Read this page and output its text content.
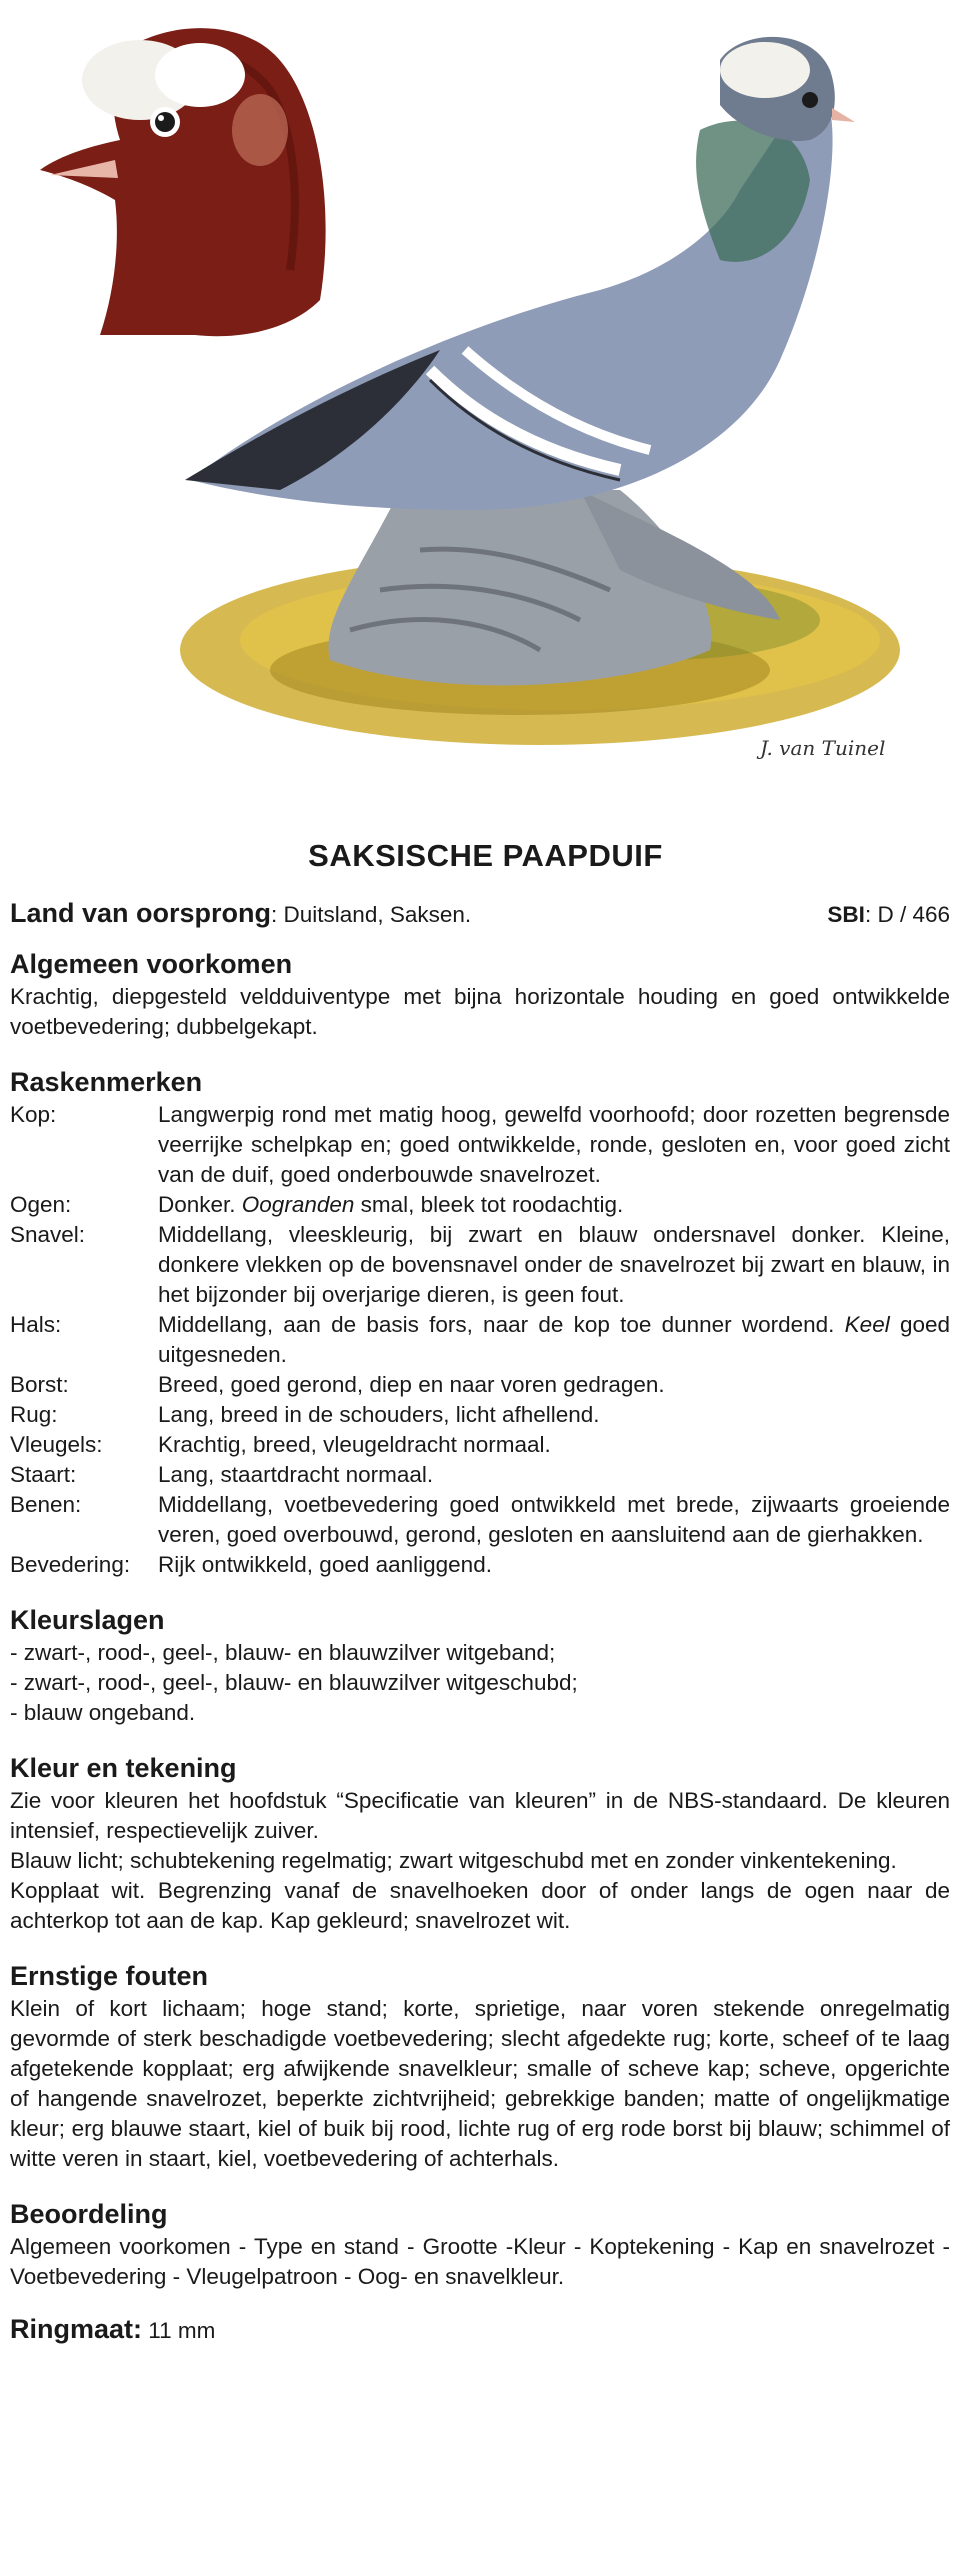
J. van Tuinel
SAKSISCHE PAAPDUIF
Land van oorsprong: Duitsland, Saksen.	SBI: D / 466
Algemeen voorkomen

Krachtig, diepgesteld veldduiventype met bijna horizontale houding en goed ontwikkelde voetbevedering; dubbelgekapt.

Raskenmerken
Kop:	Langwerpig rond met matig hoog, gewelfd voorhoofd; door rozetten begrensde veerrijke schelpkap en; goed ontwikkelde, ronde, gesloten en, voor goed zicht van de duif, goed onderbouwde snavelrozet.
Ogen:	Donker. Oogranden smal, bleek tot roodachtig.
Snavel:	Middellang, vleeskleurig, bij zwart en blauw ondersnavel donker. Kleine, donkere vlekken op de bovensnavel onder de snavelrozet bij zwart en blauw, in het bijzonder bij overjarige dieren, is geen fout.
Hals:	Middellang, aan de basis fors, naar de kop toe dunner wordend. Keel goed uitgesneden.
Borst:	Breed, goed gerond, diep en naar voren gedragen.
Rug:	Lang, breed in de schouders, licht afhellend.
Vleugels:	Krachtig, breed, vleugeldracht normaal.
Staart:	Lang, staartdracht normaal.
Benen:	Middellang, voetbevedering goed ontwikkeld met brede, zijwaarts groeiende veren, goed overbouwd, gerond, gesloten en aansluitend aan de gierhakken.
Bevedering:	Rijk ontwikkeld, goed aanliggend.
Kleurslagen
- zwart-, rood-, geel-, blauw- en blauwzilver witgeband;
- zwart-, rood-, geel-, blauw- en blauwzilver witgeschubd;
- blauw ongeband.
Kleur en tekening

Zie voor kleuren het hoofdstuk “Specificatie van kleuren” in de NBS-standaard. De kleuren intensief, respectievelijk zuiver.

Blauw licht; schubtekening regelmatig; zwart witgeschubd met en zonder vinkentekening.

Kopplaat wit. Begrenzing vanaf de snavelhoeken door of onder langs de ogen naar de achterkop tot aan de kap. Kap gekleurd; snavelrozet wit.

Ernstige fouten

Klein of kort lichaam; hoge stand; korte, sprietige, naar voren stekende onregelmatig gevormde of sterk beschadigde voetbevedering; slecht afgedekte rug; korte, scheef of te laag afgetekende kopplaat; erg afwijkende snavelkleur; smalle of scheve kap; scheve, opgerichte of hangende snavelrozet, beperkte zichtvrijheid; gebrekkige banden; matte of ongelijkmatige kleur; erg blauwe staart, kiel of buik bij rood, lichte rug of erg rode borst bij blauw; schimmel of witte veren in staart, kiel, voetbevedering of achterhals.

Beoordeling

Algemeen voorkomen - Type en stand - Grootte -Kleur - Koptekening - Kap en snavelrozet - Voetbevedering - Vleugelpatroon - Oog- en snavelkleur.

Ringmaat: 11 mm
